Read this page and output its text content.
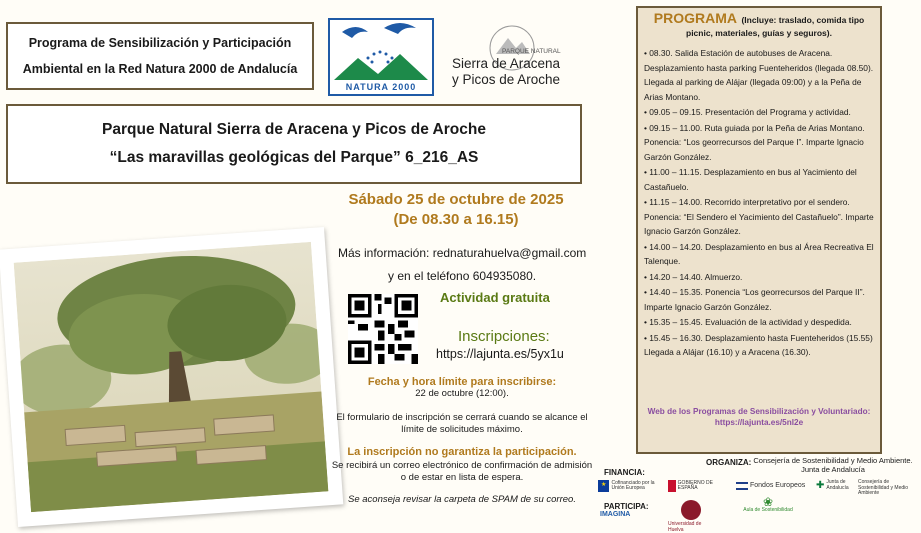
Programa de Sensibilización y Participación
Ambiental en la Red Natura 2000 de Andalucía
NATURA 2000
PARQUE NATURAL
Sierra de Aracena
y Picos de Aroche
Parque Natural Sierra de Aracena y Picos de Aroche
“Las maravillas geológicas del Parque” 6_216_AS
Sábado 25 de octubre de 2025
(De 08.30 a 16.15)
Más información: rednaturahuelva@gmail.com
y en el teléfono 604935080.
Actividad gratuita
Inscripciones:
https://lajunta.es/5yx1u
Fecha y hora límite para inscribirse:
22 de octubre (12:00).
El formulario de inscripción se cerrará cuando se alcance el límite de solicitudes máximo.
La inscripción no garantiza la participación.
Se recibirá un correo electrónico de confirmación de admisión o de estar en lista de espera.
Se aconseja revisar la carpeta de SPAM de su correo.
PROGRAMA (Incluye: traslado, comida tipo picnic, materiales, guías y seguros).
• 08.30. Salida Estación de autobuses de Aracena. Desplazamiento hasta parking Fuenteheridos (llegada 08.50). Llegada al parking de Alájar (llegada 09:00) y a la Peña de Arias Montano.
• 09.05 – 09.15. Presentación del Programa y actividad.
• 09.15 – 11.00. Ruta guiada por la Peña de Arias Montano. Ponencia: “Los georrecursos del Parque I”. Imparte Ignacio Garzón González.
• 11.00 – 11.15. Desplazamiento en bus al Yacimiento del Castañuelo.
• 11.15 – 14.00. Recorrido interpretativo por el sendero. Ponencia: “El Sendero el Yacimiento del Castañuelo”. Imparte Ignacio Garzón González.
• 14.00 – 14.20. Desplazamiento en bus al Área Recreativa El Talenque.
• 14.20 – 14.40. Almuerzo.
• 14.40 – 15.35. Ponencia “Los georrecursos del Parque II”. Imparte Ignacio Garzón González.
• 15.35 – 15.45. Evaluación de la actividad y despedida.
• 15.45 – 16.30. Desplazamiento hasta Fuenteheridos (15.55) Llegada a Alájar (16.10) y a Aracena (16.30).
Web de los Programas de Sensibilización y Voluntariado:
https://lajunta.es/5nl2e
ORGANIZA: Consejería de Sostenibilidad y Medio Ambiente. Junta de Andalucía
FINANCIA:
PARTICIPA:
★	Cofinanciado por la Unión Europea
GOBIERNO DE ESPAÑA	Fondos Europeos ✚ Junta de Andalucía
Consejería de Sostenibilidad y Medio Ambiente
IMAGINA
Universidad de Huelva
❀
Aula de Sostenibilidad
